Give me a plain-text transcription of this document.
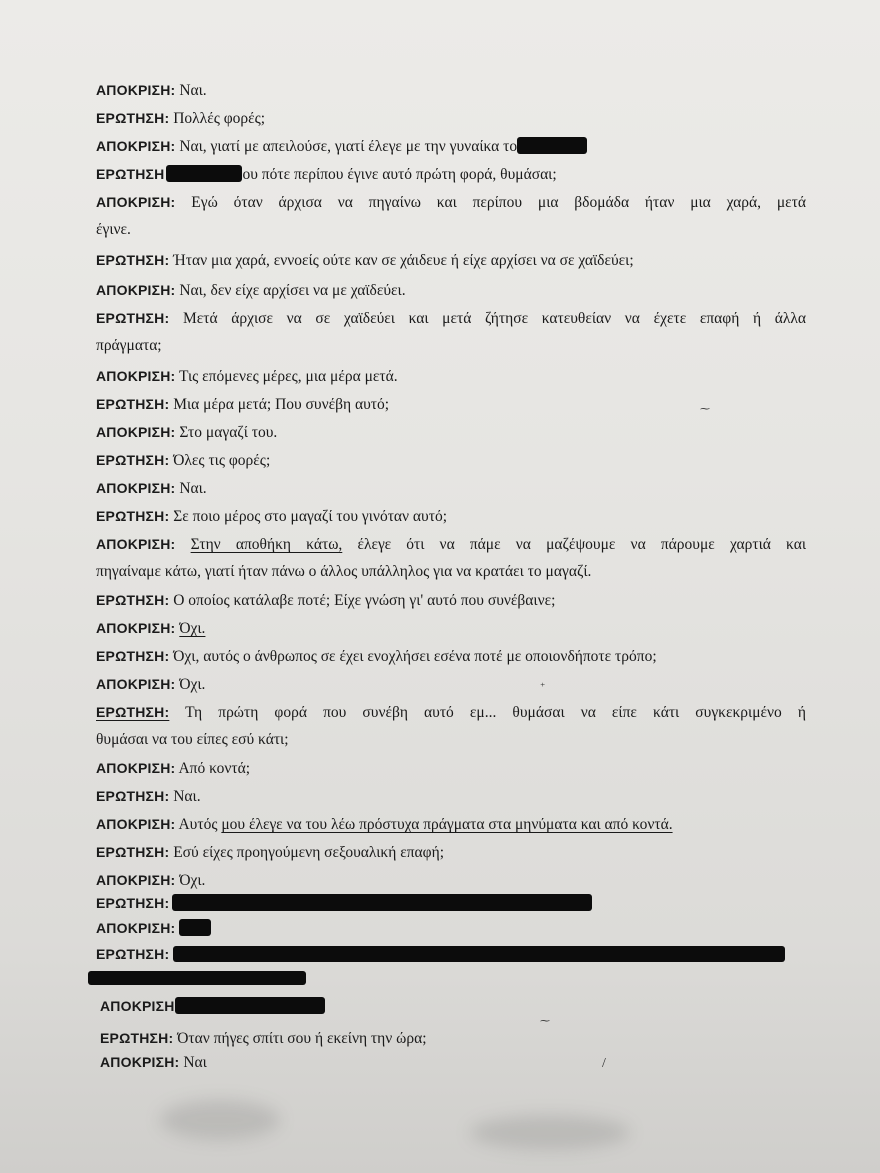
ΑΠΟΚΡΙΣΗ: Ναι.
ΕΡΩΤΗΣΗ: Πολλές φορές;
ΑΠΟΚΡΙΣΗ: Ναι, γιατί με απειλούσε, γιατί έλεγε με την γυναίκα το
ΕΡΩΤΗΣΗ	ου πότε περίπου έγινε αυτό πρώτη φορά, θυμάσαι;
ΑΠΟΚΡΙΣΗ: Εγώ όταν άρχισα να πηγαίνω και περίπου μια βδομάδα ήταν μια χαρά, μετά
έγινε.
ΕΡΩΤΗΣΗ: Ήταν μια χαρά, εννοείς ούτε καν σε χάιδευε ή είχε αρχίσει να σε χαϊδεύει;
ΑΠΟΚΡΙΣΗ: Ναι, δεν είχε αρχίσει να με χαϊδεύει.
ΕΡΩΤΗΣΗ: Μετά άρχισε να σε χαϊδεύει και μετά ζήτησε κατευθείαν να έχετε επαφή ή άλλα
πράγματα;
ΑΠΟΚΡΙΣΗ: Τις επόμενες μέρες, μια μέρα μετά.
ΕΡΩΤΗΣΗ: Μια μέρα μετά; Που συνέβη αυτό;
ΑΠΟΚΡΙΣΗ: Στο μαγαζί του.
ΕΡΩΤΗΣΗ: Όλες τις φορές;
ΑΠΟΚΡΙΣΗ: Ναι.
ΕΡΩΤΗΣΗ: Σε ποιο μέρος στο μαγαζί του γινόταν αυτό;
ΑΠΟΚΡΙΣΗ: Στην αποθήκη κάτω, έλεγε ότι να πάμε να μαζέψουμε να πάρουμε χαρτιά και
πηγαίναμε κάτω, γιατί ήταν πάνω ο άλλος υπάλληλος για να κρατάει το μαγαζί.
ΕΡΩΤΗΣΗ: Ο οποίος κατάλαβε ποτέ; Είχε γνώση γι' αυτό που συνέβαινε;
ΑΠΟΚΡΙΣΗ: Όχι.
ΕΡΩΤΗΣΗ: Όχι, αυτός ο άνθρωπος σε έχει ενοχλήσει εσένα ποτέ με οποιονδήποτε τρόπο;
ΑΠΟΚΡΙΣΗ: Όχι.
ΕΡΩΤΗΣΗ: Τη πρώτη φορά που συνέβη αυτό εμ... θυμάσαι να είπε κάτι συγκεκριμένο ή
θυμάσαι να του είπες εσύ κάτι;
ΑΠΟΚΡΙΣΗ: Από κοντά;
ΕΡΩΤΗΣΗ: Ναι.
ΑΠΟΚΡΙΣΗ: Αυτός μου έλεγε να του λέω πρόστυχα πράγματα στα μηνύματα και από κοντά.
ΕΡΩΤΗΣΗ: Εσύ είχες προηγούμενη σεξουαλική επαφή;
ΑΠΟΚΡΙΣΗ: Όχι.
ΕΡΩΤΗΣΗ:
ΑΠΟΚΡΙΣΗ:
ΕΡΩΤΗΣΗ:
ΑΠΟΚΡΙΣΗ
ΕΡΩΤΗΣΗ: Όταν πήγες σπίτι σου ή εκείνη την ώρα;
ΑΠΟΚΡΙΣΗ: Ναι
⁓
⁺
⁓
/
